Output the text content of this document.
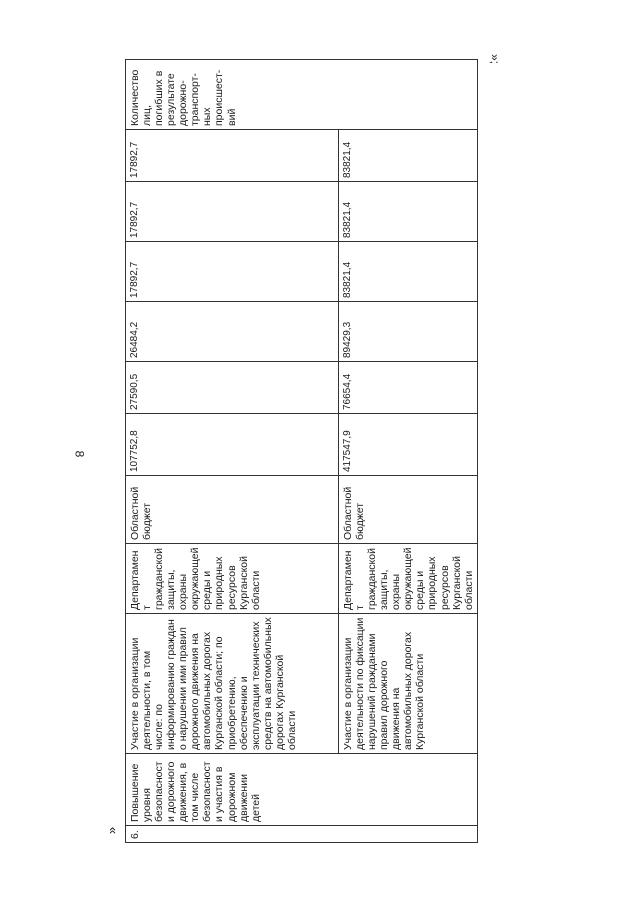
8
«
»;
6.	Повышение уровня безопасности дорожного движения, в том числе безопасности участия в дорожном движении детей	Участие в организации деятельности, в том числе: по информированию граждан о нарушении ими правил дорожного движения на автомобильных дорогах Курганской области; по приобретению, обеспечению и эксплуатации технических средств на автомобильных дорогах Курганской области	Департамент гражданской защиты, охраны окружающей среды и природных ресурсов Курганской области	Областной бюджет	107752,8	27590,5	26484,2	17892,7	17892,7	17892,7	Количество лиц, погибших в результате дорожно-транспорт-ных происшест-вий
		Участие в организации деятельности по фиксации нарушений гражданами правил дорожного движения на автомобильных дорогах Курганской области	Департамент гражданской защиты, охраны окружающей среды и природных ресурсов Курганской области	Областной бюджет	417547,9	76654,4	89429,3	83821,4	83821,4	83821,4	
